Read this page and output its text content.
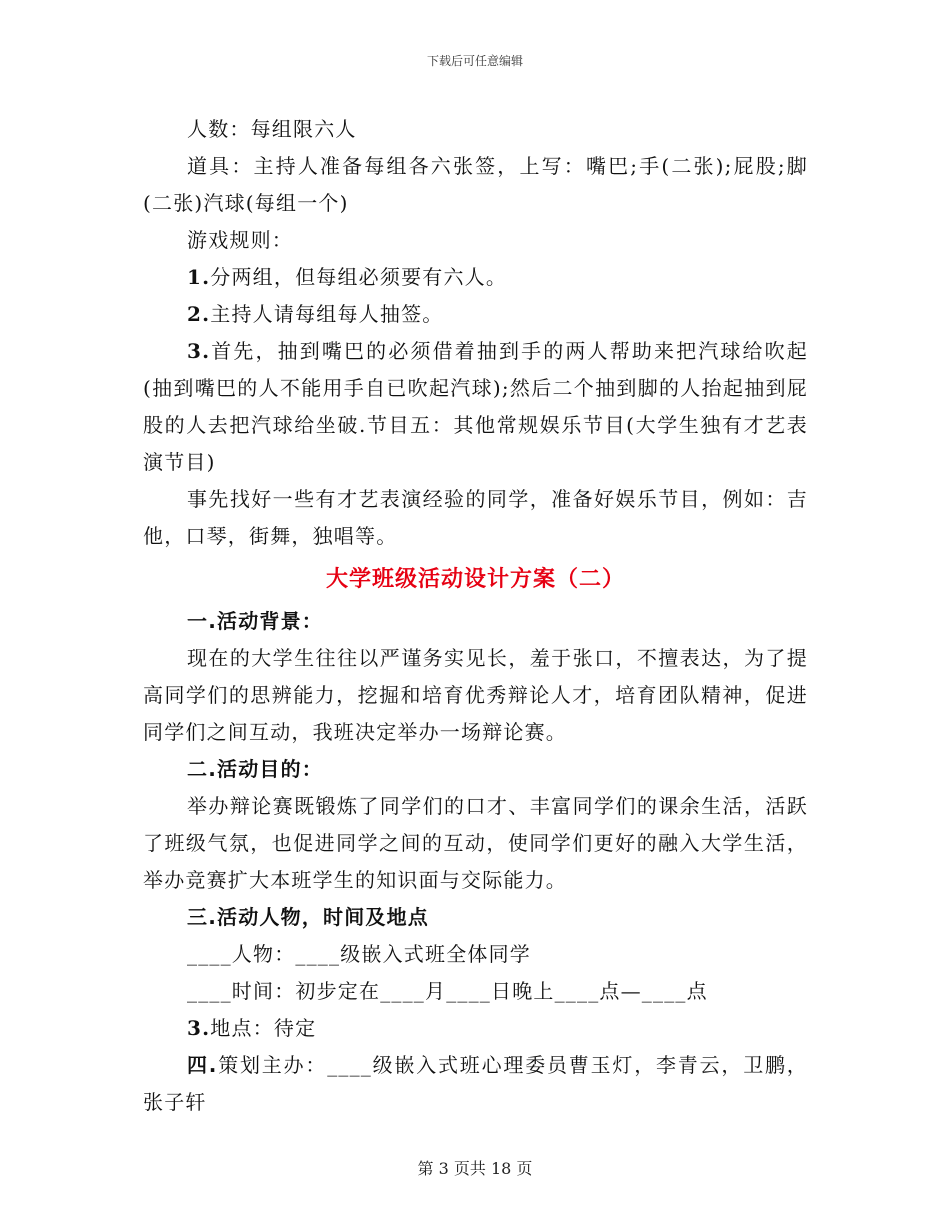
下载后可任意编辑

人数：每组限六人

道具：主持人准备每组各六张签，上写：嘴巴;手(二张);屁股;脚(二张)汽球(每组一个)

游戏规则：

1.分两组，但每组必须要有六人。

2.主持人请每组每人抽签。

3.首先，抽到嘴巴的必须借着抽到手的两人帮助来把汽球给吹起(抽到嘴巴的人不能用手自已吹起汽球);然后二个抽到脚的人抬起抽到屁股的人去把汽球给坐破.节目五：其他常规娱乐节目(大学生独有才艺表演节目)

事先找好一些有才艺表演经验的同学，准备好娱乐节目，例如：吉他，口琴，街舞，独唱等。

大学班级活动设计方案（二）

一.活动背景：

现在的大学生往往以严谨务实见长，羞于张口，不擅表达，为了提高同学们的思辨能力，挖掘和培育优秀辩论人才，培育团队精神，促进同学们之间互动，我班决定举办一场辩论赛。

二.活动目的：

举办辩论赛既锻炼了同学们的口才、丰富同学们的课余生活，活跃了班级气氛，也促进同学之间的互动，使同学们更好的融入大学生活，举办竞赛扩大本班学生的知识面与交际能力。

三.活动人物，时间及地点

____人物：____级嵌入式班全体同学

____时间：初步定在____月____日晚上____点—____点

3.地点：待定

四.策划主办：____级嵌入式班心理委员曹玉灯，李青云，卫鹏，张子轩

第 3 页共 18 页
